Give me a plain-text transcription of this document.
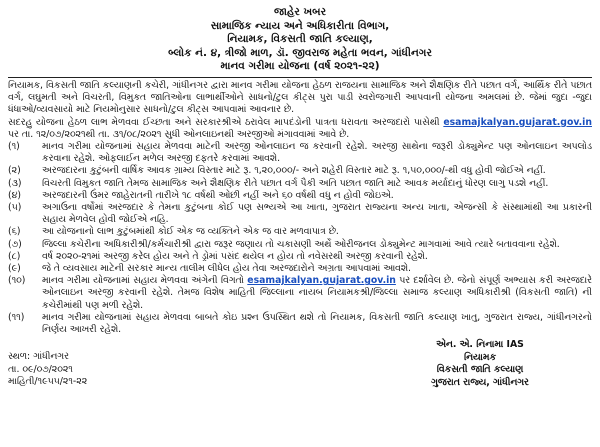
જાહેર ખબર
સામાજિક ન્યાય અને અધિકારીતા વિભાગ,
નિયામક, વિકસતી જાતિ કલ્યાણ,
બ્લોક નં. ૪, ત્રીજો માળ, ડૉ. જીવરાજ મહેતા ભવન, ગાંધીનગર
માનવ ગરીમા યોજના (વર્ષ ૨૦૨૧-૨૨)
નિયામક, વિકસતી જાતિ કલ્યાણની કચેરી, ગાંધીનગર દ્વારા માનવ ગરીમા યોજના હેઠળ રાજયના સામાજિક અને શૈક્ષણિક રીતે પછાત વર્ગ, આર્થિક રીતે પછાત વર્ગ, લઘુમતી અને વિચરતી, વિમુકત જાતિઓના લાભાર્થીઓને સાધનો/ટુલ કીટ્સ પુરા પાડી સ્વરોજગારી આપવાની યોજના અમલમાં છે. જેમાં જુદા -જુદા ધંધાઓ/વ્યવસાયો માટે નિયમોનુસાર સાધનો/ટુલ કીટ્સ આપવામાં આવનાર છે.
સદરહુ યોજના હેઠળ લાભ મેળવવા ઈચ્છતા અને સરકારશ્રીએ ઠરાવેલ માપદંડોની પાત્રતા ધરાવતા અરજદારો પાસેથી esamajkalyan.gujarat.gov.in પર તા. ૧૨/૦૭/૨૦૨૧થી તા. ૩૧/૦૮/૨૦૨૧ સુધી ઓનલાઇનથી અરજીઓ મંગાવવામાં આવે છે.
(૧)	માનવ ગરીમા યોજનામાં સહાય મેળવવા માટેની અરજી ઓનલાઇન જ કરવાની રહેશે. અરજી સાથેના જરૂરી ડોક્યુમેન્ટ પણ ઓનલાઇન અપલોડ કરવાના રહેશે. ઓફલાઈન મળેલ અરજી દફતરે કરવામાં આવશે.
(૨)	અરજદારના કુટુંબની વાર્ષિક આવક ગ્રામ્ય વિસ્તાર માટે રૂ. ૧,૨૦,૦૦૦/- અને શહેરી વિસ્તાર માટે રૂ. ૧,૫૦,૦૦૦/-થી વધુ હોવી જોઈએ નહીં.
(૩)	વિચરતી વિમુકત જાતિ તેમજ સામાજિક અને શૈક્ષણિક રીતે પછાત વર્ગ પૈકી અતિ પછાત જાતિ માટે આવક મર્યાદાનું ધોરણ લાગુ પડશે નહીં.
(૪)	અરજદારની ઉંમર જાહેરાતની તારીખે ૧૮ વર્ષથી ઓછી નહીં અને ૬૦ વર્ષથી વધુ ન હોવી જોઇએ.
(૫)	અગાઉના વર્ષોમાં અરજદાર કે તેમના કુટુંબના કોઈ પણ સભ્યએ આ ખાતા, ગુજરાત રાજ્યના અન્ય ખાતા, એજન્સી કે સંસ્થામાંથી આ પ્રકારની સહાય મેળવેલ હોવી જોઈએ નહિ.
(૬)	આ યોજનાનો લાભ કુટુંબમાંથી કોઈ એક જ વ્યક્તિને એક જ વાર મળવાપાત્ર છે.
(૭)	જિલ્લા કચેરીના અધિકારીશ્રી/કર્મચારીશ્રી દ્વારા જરૂર જણાય તો ચકાસણી અર્થે ઓરીજનલ ડોક્યુમેન્ટ માગવામાં આવે ત્યારે બતાવવાના રહેશે.
(૮)	વર્ષ ૨૦૨૦-૨૧માં અરજી કરેલ હોય અને તે ડ્રોમાં પસંદ થયેલ ન હોય તો નવેસરથી અરજી કરવાની રહેશે.
(૯)	જે તે વ્યવસાય માટેની સરકાર માન્ય તાલીમ લીધેલ હોય તેવા અરજદારોને અગ્રતા આપવામાં આવશે.
(૧૦)	માનવ ગરીમા યોજનામાં સહાય મેળવવા અંગેની વિગતો esamajkalyan.gujarat.gov.in પર દર્શાવેલ છે. જેનો સંપૂર્ણ અભ્યાસ કરી અરજદારે ઓનલાઇન અરજી કરવાની રહેશે. તેમજ વિશેષ માહિતી જિલ્લાના નાયબ નિયામકશ્રી/જિલ્લા સમાજ કલ્યાણ અધિકારીશ્રી (વિકસતી જાતિ) ની કચેરીમાંથી પણ મળી રહેશે.
(૧૧)	માનવ ગરીમા યોજનામાં સહાય મેળવવા બાબતે કોઇ પ્રશ્ન ઉપસ્થિત થશે તો નિયામક, વિકસતી જાતિ કલ્યાણ ખાતુ, ગુજરાત રાજ્ય, ગાંધીનગરનો નિર્ણય આખરી રહેશે.
સ્થળ: ગાંધીનગર
તા. ૦૯/૦૭/૨૦૨૧
માહિતી/૧૯૫૫/૨૧-૨૨
એન. એ. નિનામા IAS
નિયામક
વિકસતી જાતિ કલ્યાણ
ગુજરાત રાજ્ય, ગાંધીનગર
